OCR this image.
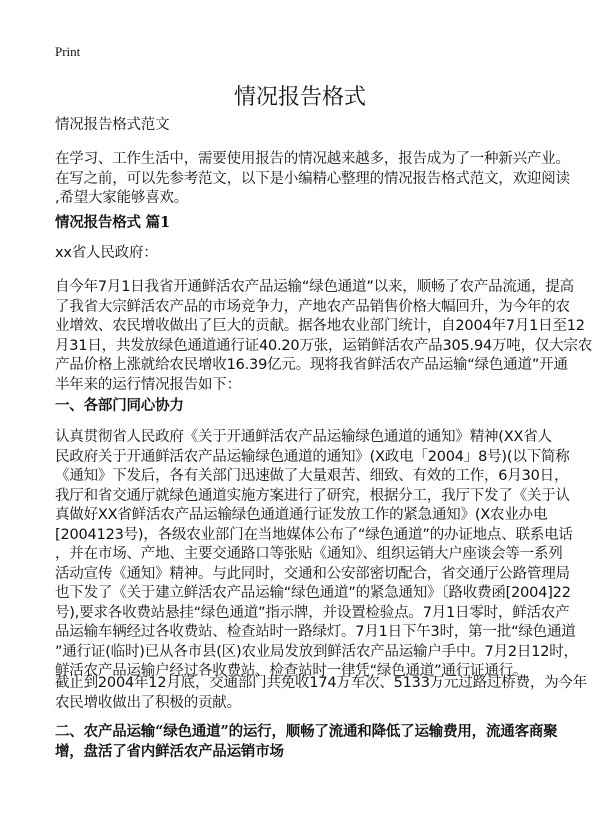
Print
情况报告格式
情况报告格式范文
在学习、工作生活中，需要使用报告的情况越来越多，报告成为了一种新兴产业。
在写之前，可以先参考范文，以下是小编精心整理的情况报告格式范文，欢迎阅读
,希望大家能够喜欢。
情况报告格式 篇1
xx省人民政府：
自今年7月1日我省开通鲜活农产品运输“绿色通道”以来，顺畅了农产品流通，提高
了我省大宗鲜活农产品的市场竞争力，产地农产品销售价格大幅回升，为今年的农
业增效、农民增收做出了巨大的贡献。据各地农业部门统计，自2004年7月1日至12
月31日，共发放绿色通道通行证40.20万张，运销鲜活农产品305.94万吨，仅大宗农
产品价格上涨就给农民增收16.39亿元。现将我省鲜活农产品运输“绿色通道”开通
半年来的运行情况报告如下：
一、各部门同心协力
认真贯彻省人民政府《关于开通鲜活农产品运输绿色通道的通知》精神(XX省人
民政府关于开通鲜活农产品运输绿色通道的通知》(X政电「2004」8号)(以下简称
《通知》下发后，各有关部门迅速做了大量艰苦、细致、有效的工作，6月30日，
我厅和省交通厅就绿色通道实施方案进行了研究，根据分工，我厅下发了《关于认
真做好XX省鲜活农产品运输绿色通道通行证发放工作的紧急通知》(X农业办电
[2004123号)，各级农业部门在当地媒体公布了“绿色通道”的办证地点、联系电话
，并在市场、产地、主要交通路口等张贴《通知》、组织运销大户座谈会等一系列
活动宣传《通知》精神。与此同时，交通和公安部密切配合，省交通厅公路管理局
也下发了《关于建立鲜活农产品运输“绿色通道”的紧急通知》〔路收费函[2004]22
号),要求各收费站悬挂“绿色通道”指示牌，并设置检验点。7月1日零时，鲜活农产
品运输车辆经过各收费站、检查站时一路绿灯。7月1日下午3时，第一批“绿色通道
”通行证(临时)已从各市县(区)农业局发放到鲜活农产品运输户手中。7月2日12时，
鲜活农产品运输户经过各收费站、检查站时一律凭“绿色通道”通行证通行。
截止到2004年12月底，交通部门共免收174万车次、5133万元过路过桥费，为今年
农民增收做出了积极的贡献。
二、农产品运输“绿色通道”的运行，顺畅了流通和降低了运输费用，流通客商聚
增，盘活了省内鲜活农产品运销市场
